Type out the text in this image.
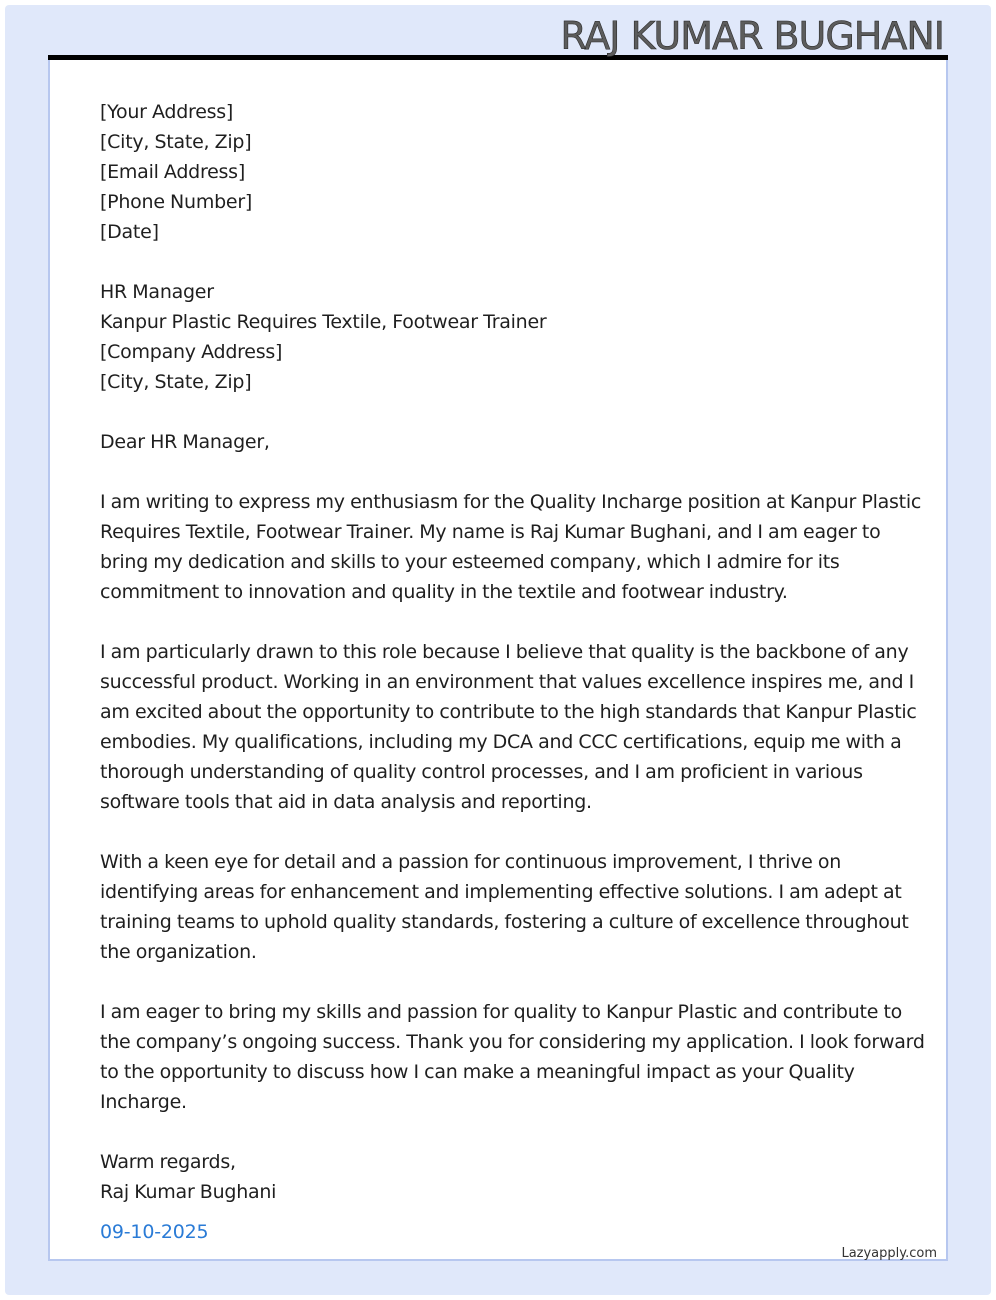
RAJ KUMAR BUGHANI
[Your Address]
[City, State, Zip]
[Email Address]
[Phone Number]
[Date]
HR Manager
Kanpur Plastic Requires Textile, Footwear Trainer
[Company Address]
[City, State, Zip]
Dear HR Manager,
I am writing to express my enthusiasm for the Quality Incharge position at Kanpur Plastic
Requires Textile, Footwear Trainer. My name is Raj Kumar Bughani, and I am eager to
bring my dedication and skills to your esteemed company, which I admire for its
commitment to innovation and quality in the textile and footwear industry.
I am particularly drawn to this role because I believe that quality is the backbone of any
successful product. Working in an environment that values excellence inspires me, and I
am excited about the opportunity to contribute to the high standards that Kanpur Plastic
embodies. My qualifications, including my DCA and CCC certifications, equip me with a
thorough understanding of quality control processes, and I am proficient in various
software tools that aid in data analysis and reporting.
With a keen eye for detail and a passion for continuous improvement, I thrive on
identifying areas for enhancement and implementing effective solutions. I am adept at
training teams to uphold quality standards, fostering a culture of excellence throughout
the organization.
I am eager to bring my skills and passion for quality to Kanpur Plastic and contribute to
the company’s ongoing success. Thank you for considering my application. I look forward
to the opportunity to discuss how I can make a meaningful impact as your Quality
Incharge.
Warm regards,
Raj Kumar Bughani
09-10-2025
Lazyapply.com
